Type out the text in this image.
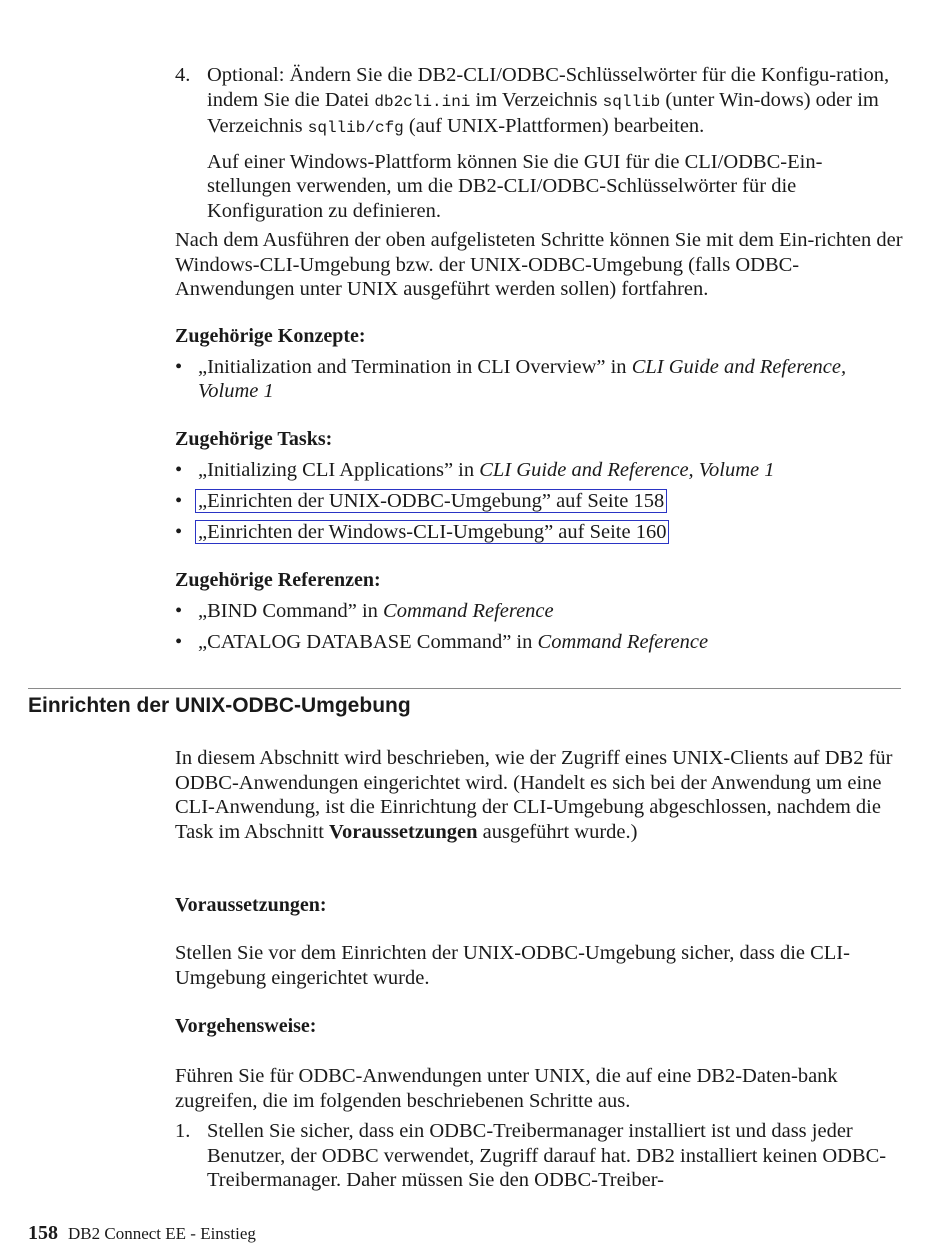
4. Optional: Ändern Sie die DB2-CLI/ODBC-Schlüsselwörter für die Konfigu-ration, indem Sie die Datei db2cli.ini im Verzeichnis sqllib (unter Win-dows) oder im Verzeichnis sqllib/cfg (auf UNIX-Plattformen) bearbeiten.

Auf einer Windows-Plattform können Sie die GUI für die CLI/ODBC-Ein-stellungen verwenden, um die DB2-CLI/ODBC-Schlüsselwörter für die Konfiguration zu definieren.

Nach dem Ausführen der oben aufgelisteten Schritte können Sie mit dem Ein-richten der Windows-CLI-Umgebung bzw. der UNIX-ODBC-Umgebung (falls ODBC-Anwendungen unter UNIX ausgeführt werden sollen) fortfahren.
Zugehörige Konzepte:
• „Initialization and Termination in CLI Overview” in CLI Guide and Reference, Volume 1
Zugehörige Tasks:
• „Initializing CLI Applications” in CLI Guide and Reference, Volume 1
• „Einrichten der UNIX-ODBC-Umgebung” auf Seite 158
• „Einrichten der Windows-CLI-Umgebung” auf Seite 160
Zugehörige Referenzen:
• „BIND Command” in Command Reference
• „CATALOG DATABASE Command” in Command Reference
Einrichten der UNIX-ODBC-Umgebung
In diesem Abschnitt wird beschrieben, wie der Zugriff eines UNIX-Clients auf DB2 für ODBC-Anwendungen eingerichtet wird. (Handelt es sich bei der Anwendung um eine CLI-Anwendung, ist die Einrichtung der CLI-Umgebung abgeschlossen, nachdem die Task im Abschnitt Voraussetzungen ausgeführt wurde.)
Voraussetzungen:
Stellen Sie vor dem Einrichten der UNIX-ODBC-Umgebung sicher, dass die CLI-Umgebung eingerichtet wurde.
Vorgehensweise:
Führen Sie für ODBC-Anwendungen unter UNIX, die auf eine DB2-Daten-bank zugreifen, die im folgenden beschriebenen Schritte aus.
1. Stellen Sie sicher, dass ein ODBC-Treibermanager installiert ist und dass jeder Benutzer, der ODBC verwendet, Zugriff darauf hat. DB2 installiert keinen ODBC-Treibermanager. Daher müssen Sie den ODBC-Treiber-

158 DB2 Connect EE - Einstieg
